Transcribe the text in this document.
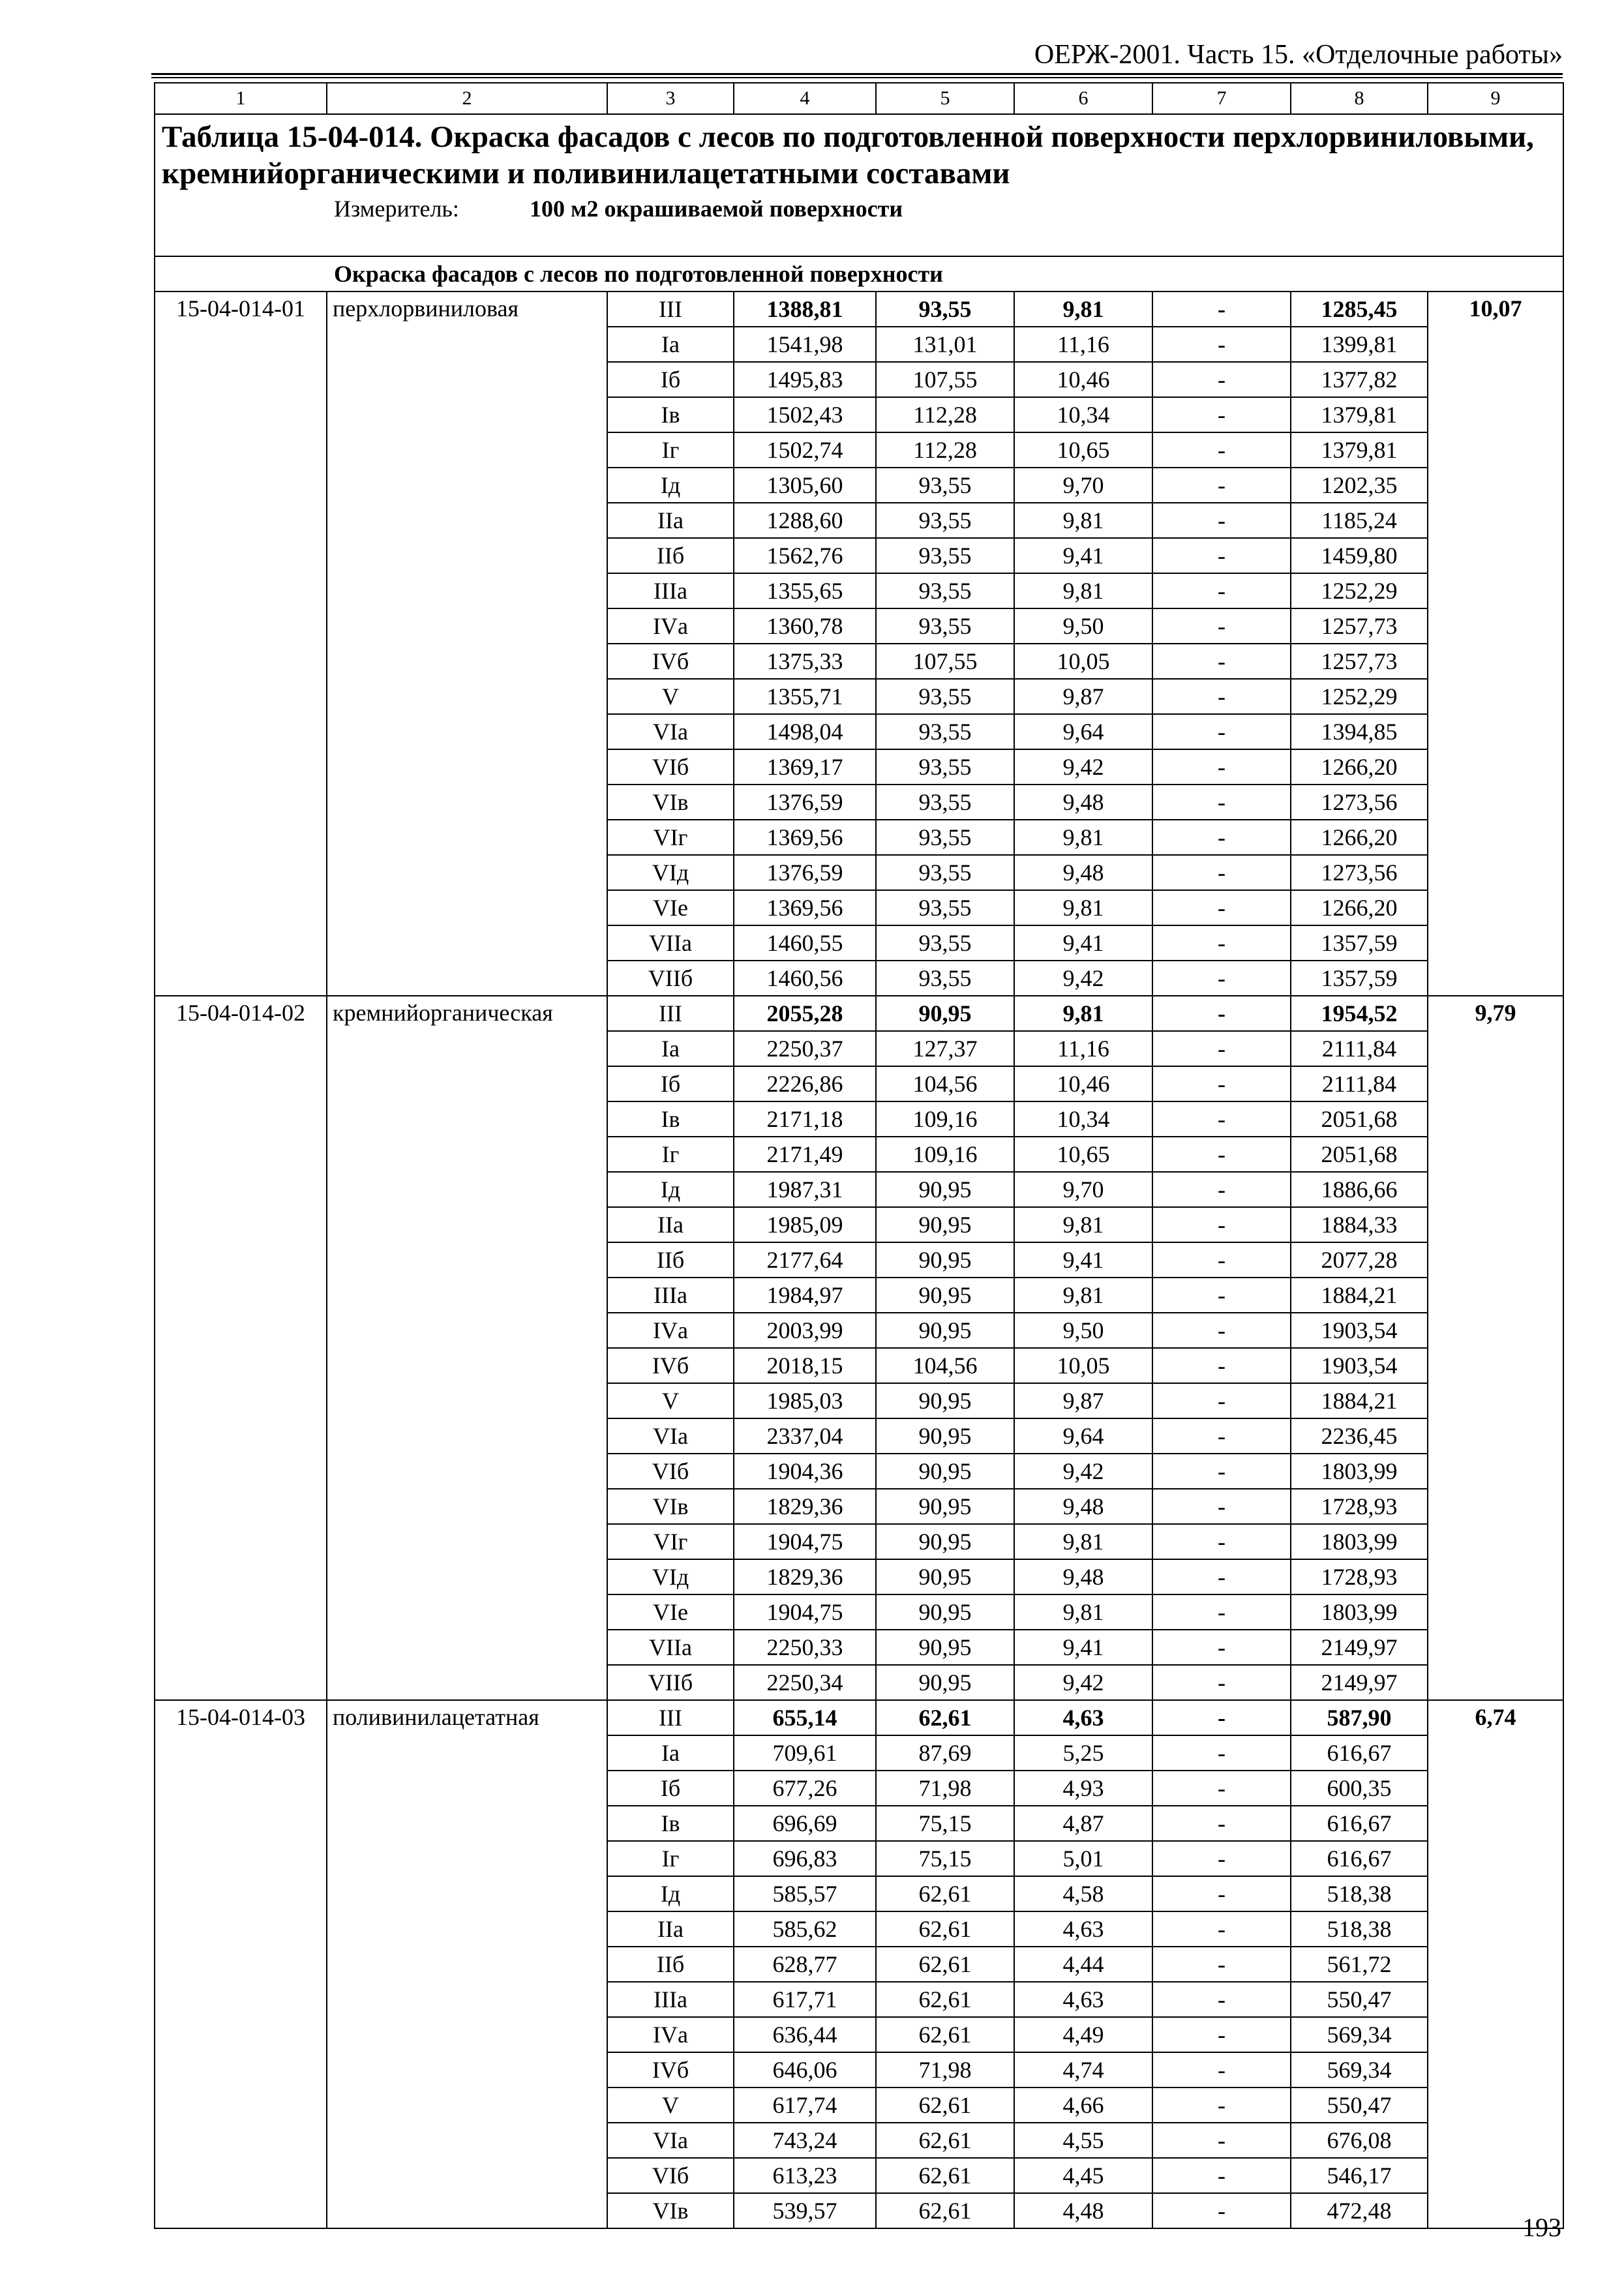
ОЕРЖ-2001. Часть 15. «Отделочные работы»
1	2	3	4	5	6	7	8	9

Таблица 15-04-014. Окраска фасадов с лесов по подготовленной поверхности перхлорвиниловыми, кремнийорганическими и поливинилацетатными составами
Измеритель: 100 м2 окрашиваемой поверхности								

Окраска фасадов с лесов по подготовленной поверхности								
15-04-014-01	перхлорвиниловая	III	1388,81	93,55	9,81	-	1285,45	10,07
		Iа	1541,98	131,01	11,16	-	1399,81	
		Iб	1495,83	107,55	10,46	-	1377,82	
		Iв	1502,43	112,28	10,34	-	1379,81	
		Iг	1502,74	112,28	10,65	-	1379,81	
		Iд	1305,60	93,55	9,70	-	1202,35	
		IIа	1288,60	93,55	9,81	-	1185,24	
		IIб	1562,76	93,55	9,41	-	1459,80	
		IIIа	1355,65	93,55	9,81	-	1252,29	
		IVа	1360,78	93,55	9,50	-	1257,73	
		IVб	1375,33	107,55	10,05	-	1257,73	
		V	1355,71	93,55	9,87	-	1252,29	
		VIа	1498,04	93,55	9,64	-	1394,85	
		VIб	1369,17	93,55	9,42	-	1266,20	
		VIв	1376,59	93,55	9,48	-	1273,56	
		VIг	1369,56	93,55	9,81	-	1266,20	
		VIд	1376,59	93,55	9,48	-	1273,56	
		VIе	1369,56	93,55	9,81	-	1266,20	
		VIIа	1460,55	93,55	9,41	-	1357,59	
		VIIб	1460,56	93,55	9,42	-	1357,59	
15-04-014-02	кремнийорганическая	III	2055,28	90,95	9,81	-	1954,52	9,79
		Iа	2250,37	127,37	11,16	-	2111,84	
		Iб	2226,86	104,56	10,46	-	2111,84	
		Iв	2171,18	109,16	10,34	-	2051,68	
		Iг	2171,49	109,16	10,65	-	2051,68	
		Iд	1987,31	90,95	9,70	-	1886,66	
		IIа	1985,09	90,95	9,81	-	1884,33	
		IIб	2177,64	90,95	9,41	-	2077,28	
		IIIа	1984,97	90,95	9,81	-	1884,21	
		IVа	2003,99	90,95	9,50	-	1903,54	
		IVб	2018,15	104,56	10,05	-	1903,54	
		V	1985,03	90,95	9,87	-	1884,21	
		VIа	2337,04	90,95	9,64	-	2236,45	
		VIб	1904,36	90,95	9,42	-	1803,99	
		VIв	1829,36	90,95	9,48	-	1728,93	
		VIг	1904,75	90,95	9,81	-	1803,99	
		VIд	1829,36	90,95	9,48	-	1728,93	
		VIе	1904,75	90,95	9,81	-	1803,99	
		VIIа	2250,33	90,95	9,41	-	2149,97	
		VIIб	2250,34	90,95	9,42	-	2149,97	
15-04-014-03	поливинилацетатная	III	655,14	62,61	4,63	-	587,90	6,74
		Iа	709,61	87,69	5,25	-	616,67	
		Iб	677,26	71,98	4,93	-	600,35	
		Iв	696,69	75,15	4,87	-	616,67	
		Iг	696,83	75,15	5,01	-	616,67	
		Iд	585,57	62,61	4,58	-	518,38	
		IIа	585,62	62,61	4,63	-	518,38	
		IIб	628,77	62,61	4,44	-	561,72	
		IIIа	617,71	62,61	4,63	-	550,47	
		IVа	636,44	62,61	4,49	-	569,34	
		IVб	646,06	71,98	4,74	-	569,34	
		V	617,74	62,61	4,66	-	550,47	
		VIа	743,24	62,61	4,55	-	676,08	
		VIб	613,23	62,61	4,45	-	546,17	
		VIв	539,57	62,61	4,48	-	472,48	
193
